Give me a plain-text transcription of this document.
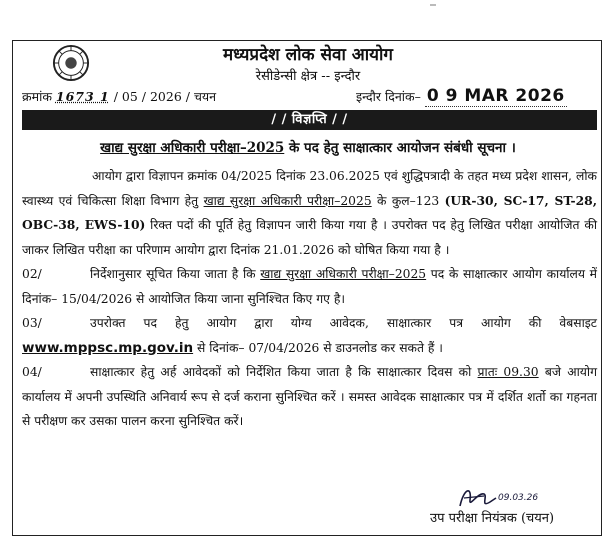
मध्यप्रदेश लोक सेवा आयोग
रेसीडेन्सी क्षेत्र -- इन्दौर
क्रमांक 1673 1 / 05 / 2026 / चयन	इन्दौर दिनांक– 0 9 MAR 2026
/ / विज्ञप्ति / /
खाद्य सुरक्षा अधिकारी परीक्षा–2025 के पद हेतु साक्षात्कार आयोजन संबंधी सूचना ।

आयोग द्वारा विज्ञापन क्रमांक 04/2025 दिनांक 23.06.2025 एवं शुद्धिपत्रादी के तहत मध्य प्रदेश शासन, लोक स्वास्थ्य एवं चिकित्सा शिक्षा विभाग हेतु खाद्य सुरक्षा अधिकारी परीक्षा–2025 के कुल–123 (UR-30, SC-17, ST-28, OBC-38, EWS-10) रिक्त पदों की पूर्ति हेतु विज्ञापन जारी किया गया है । उपरोक्त पद हेतु लिखित परीक्षा आयोजित की जाकर लिखित परीक्षा का परिणाम आयोग द्वारा दिनांक 21.01.2026 को घोषित किया गया है ।

02/	निर्देशानुसार सूचित किया जाता है कि खाद्य सुरक्षा अधिकारी परीक्षा–2025 पद के साक्षात्कार आयोग कार्यालय में दिनांक– 15/04/2026 से आयोजित किया जाना सुनिश्चित किए गए है।

03/	उपरोक्त पद हेतु आयोग द्वारा योग्य आवेदक, साक्षात्कार पत्र आयोग की वेबसाइट www.mppsc.mp.gov.in से दिनांक– 07/04/2026 से डाउनलोड कर सकते हैं ।

04/	साक्षात्कार हेतु अर्ह आवेदकों को निर्देशित किया जाता है कि साक्षात्कार दिवस को प्रातः 09.30 बजे आयोग कार्यालय में अपनी उपस्थिति अनिवार्य रूप से दर्ज कराना सुनिश्चित करें । समस्त आवेदक साक्षात्कार पत्र में दर्शित शर्तो का गहनता से परीक्षण कर उसका पालन करना सुनिश्चित करें।

09.03.26
उप परीक्षा नियंत्रक (चयन)
